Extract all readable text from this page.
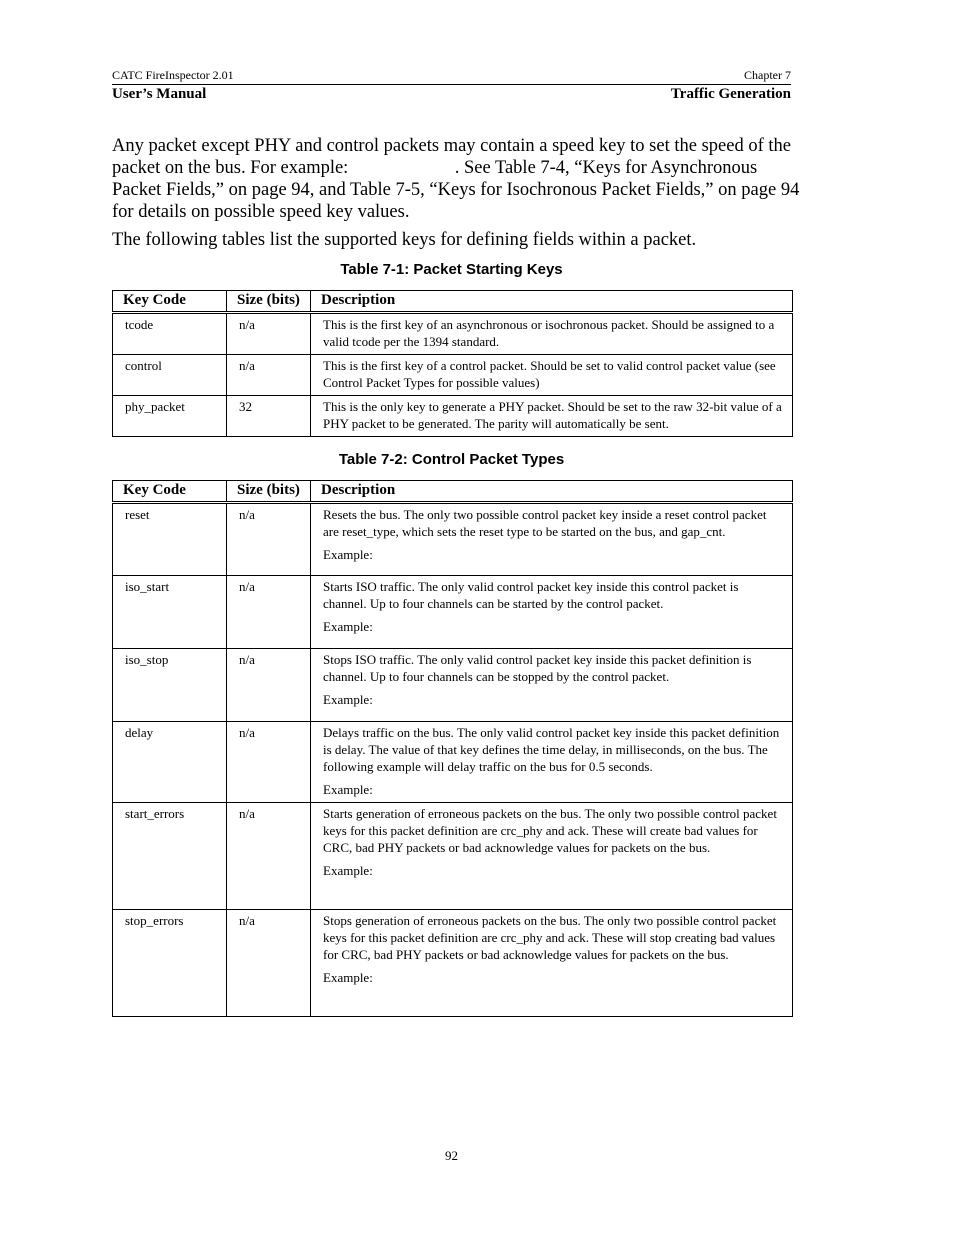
CATC FireInspector 2.01	Chapter 7
User’s Manual	Traffic Generation

Any packet except PHY and control packets may contain a speed key to set the speed of the packet on the bus. For example:                       . See Table 7-4, “Keys for Asynchronous Packet Fields,” on page 94, and Table 7-5, “Keys for Isochronous Packet Fields,” on page 94 for details on possible speed key values.

The following tables list the supported keys for defining fields within a packet.

Table 7-1: Packet Starting Keys
Key Code	Size (bits)	Description
tcode	n/a	This is the first key of an asynchronous or isochronous packet. Should be assigned to a valid tcode per the 1394 standard.
control	n/a	This is the first key of a control packet. Should be set to valid control packet value (see Control Packet Types for possible values)
phy_packet	32	This is the only key to generate a PHY packet. Should be set to the raw 32-bit value of a PHY packet to be generated. The parity will automatically be sent.
Table 7-2: Control Packet Types
Key Code	Size (bits)	Description
reset	n/a	Resets the bus. The only two possible control packet key inside a reset control packet are reset_type, which sets the reset type to be started on the bus, and gap_cnt.

Example:

iso_start	n/a	Starts ISO traffic. The only valid control packet key inside this control packet is channel. Up to four channels can be started by the control packet.

Example:

iso_stop	n/a	Stops ISO traffic. The only valid control packet key inside this packet definition is channel. Up to four channels can be stopped by the control packet.

Example:

delay	n/a	Delays traffic on the bus. The only valid control packet key inside this packet definition is delay. The value of that key defines the time delay, in milliseconds, on the bus. The following example will delay traffic on the bus for 0.5 seconds.

Example:

start_errors	n/a	Starts generation of erroneous packets on the bus. The only two possible control packet keys for this packet definition are crc_phy and ack. These will create bad values for CRC, bad PHY packets or bad acknowledge values for packets on the bus.

Example:

stop_errors	n/a	Stops generation of erroneous packets on the bus. The only two possible control packet keys for this packet definition are crc_phy and ack. These will stop creating bad values for CRC, bad PHY packets or bad acknowledge values for packets on the bus.

Example:

92
